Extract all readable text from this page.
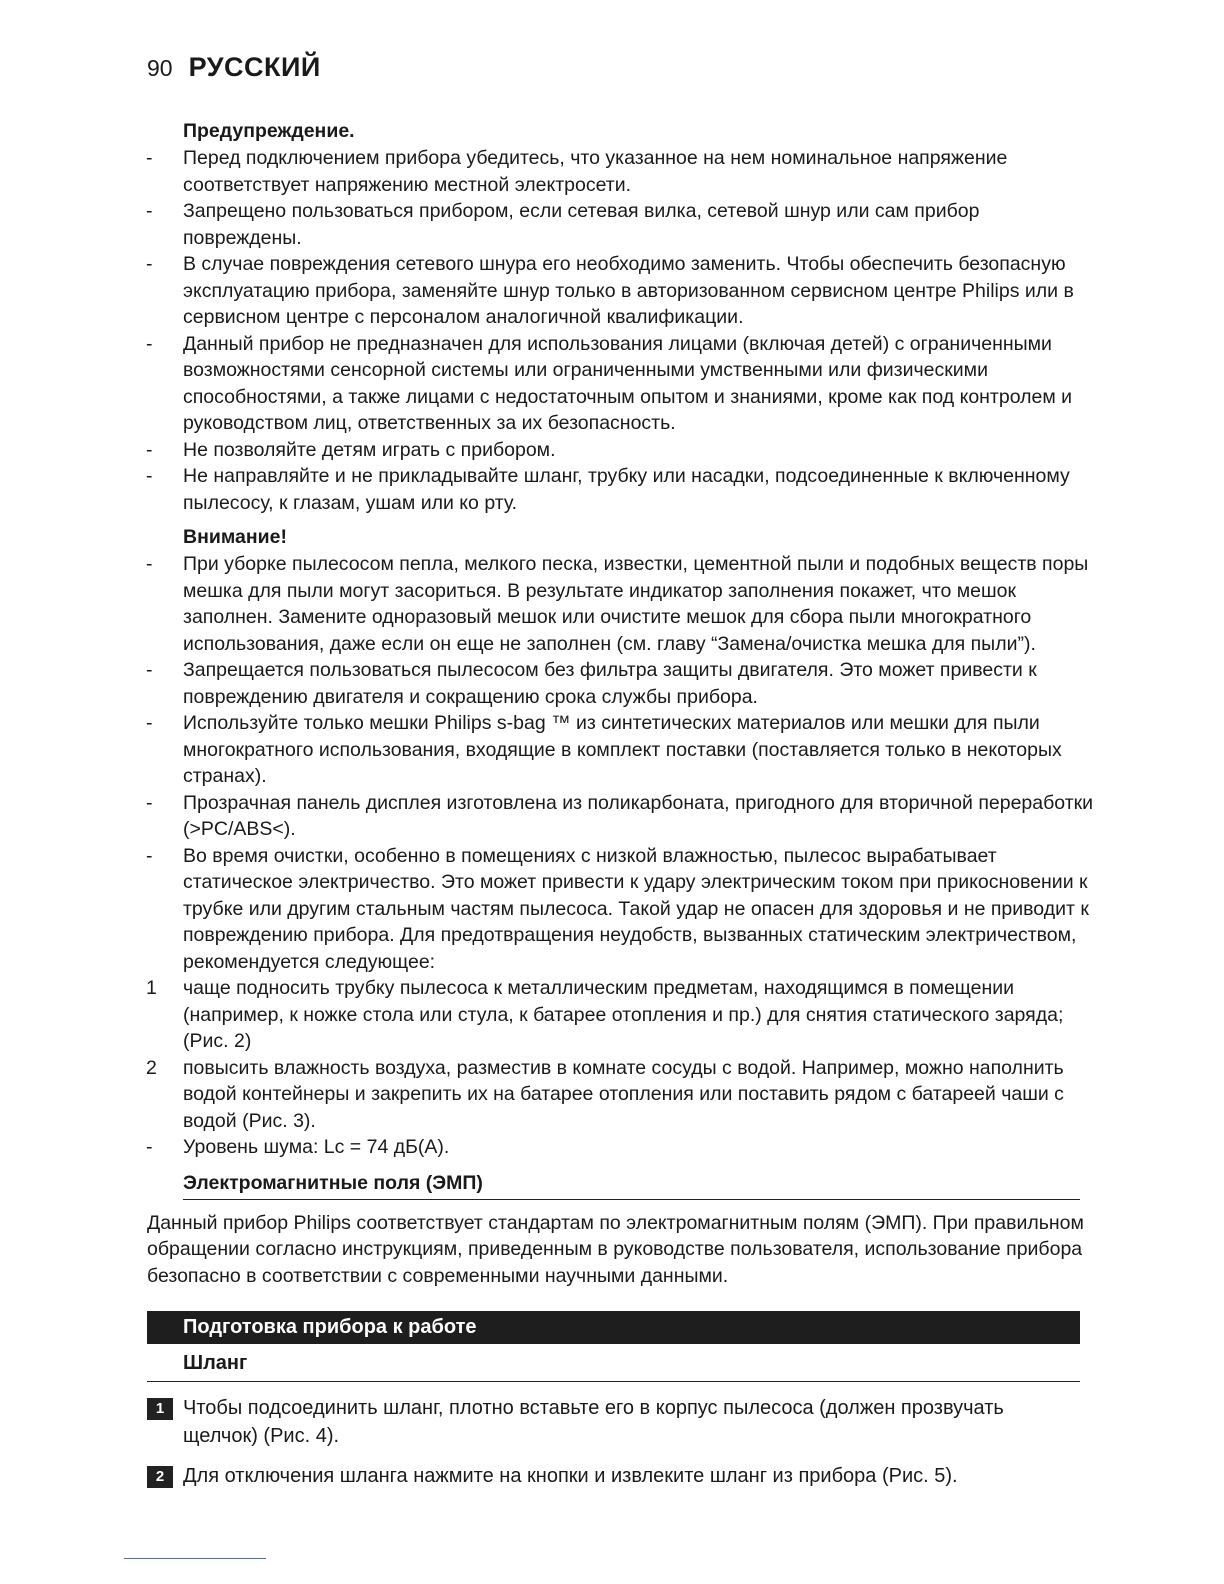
90 РУССКИЙ
Предупреждение.
- Перед подключением прибора убедитесь, что указанное на нем номинальное напряжение соответствует напряжению местной электросети.
- Запрещено пользоваться прибором, если сетевая вилка, сетевой шнур или сам прибор повреждены.
- В случае повреждения сетевого шнура его необходимо заменить. Чтобы обеспечить безопасную эксплуатацию прибора, заменяйте шнур только в авторизованном сервисном центре Philips или в сервисном центре с персоналом аналогичной квалификации.
- Данный прибор не предназначен для использования лицами (включая детей) с ограниченными возможностями сенсорной системы или ограниченными умственными или физическими способностями, а также лицами с недостаточным опытом и знаниями, кроме как под контролем и руководством лиц, ответственных за их безопасность.
- Не позволяйте детям играть с прибором.
- Не направляйте и не прикладывайте шланг, трубку или насадки, подсоединенные к включенному пылесосу, к глазам, ушам или ко рту.
Внимание!
- При уборке пылесосом пепла, мелкого песка, известки, цементной пыли и подобных веществ поры мешка для пыли могут засориться. В результате индикатор заполнения покажет, что мешок заполнен. Замените одноразовый мешок или очистите мешок для сбора пыли многократного использования, даже если он еще не заполнен (см. главу “Замена/очистка мешка для пыли”).
- Запрещается пользоваться пылесосом без фильтра защиты двигателя. Это может привести к повреждению двигателя и сокращению срока службы прибора.
- Используйте только мешки Philips s-bag ™ из синтетических материалов или мешки для пыли многократного использования, входящие в комплект поставки (поставляется только в некоторых странах).
- Прозрачная панель дисплея изготовлена из поликарбоната, пригодного для вторичной переработки (>PC/ABS<).
- Во время очистки, особенно в помещениях с низкой влажностью, пылесос вырабатывает статическое электричество. Это может привести к удару электрическим током при прикосновении к трубке или другим стальным частям пылесоса. Такой удар не опасен для здоровья и не приводит к повреждению прибора. Для предотвращения неудобств, вызванных статическим электричеством, рекомендуется следующее:
1 чаще подносить трубку пылесоса к металлическим предметам, находящимся в помещении (например, к ножке стола или стула, к батарее отопления и пр.) для снятия статического заряда; (Рис. 2)
2 повысить влажность воздуха, разместив в комнате сосуды с водой. Например, можно наполнить водой контейнеры и закрепить их на батарее отопления или поставить рядом с батареей чаши с водой (Рис. 3).
- Уровень шума: Lc = 74 дБ(A).
Электромагнитные поля (ЭМП)
Данный прибор Philips соответствует стандартам по электромагнитным полям (ЭМП). При правильном обращении согласно инструкциям, приведенным в руководстве пользователя, использование прибора безопасно в соответствии с современными научными данными.
Подготовка прибора к работе
Шланг
1 Чтобы подсоединить шланг, плотно вставьте его в корпус пылесоса (должен прозвучать щелчок) (Рис. 4).
2 Для отключения шланга нажмите на кнопки и извлеките шланг из прибора (Рис. 5).
